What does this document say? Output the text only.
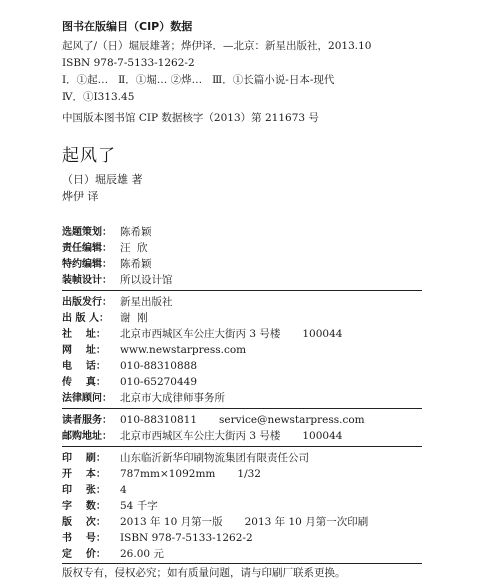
图书在版编目（CIP）数据
起风了/（日）堀辰雄著；烨伊译．—北京：新星出版社，2013.10
ISBN 978-7-5133-1262-2
Ⅰ．①起…   Ⅱ．①堀… ②烨…   Ⅲ．①长篇小说-日本-现代
Ⅳ．①I313.45
中国版本图书馆 CIP 数据核字（2013）第 211673 号
起风了
（日）堀辰雄 著
烨伊 译
选题策划： 陈希颖
责任编辑： 汪  欣
特约编辑： 陈希颖
装帧设计： 所以设计馆
出版发行： 新星出版社
出 版 人： 谢  刚
社    址： 北京市西城区车公庄大街丙 3 号楼 100044
网    址： www.newstarpress.com
电    话： 010-88310888
传    真： 010-65270449
法律顾问： 北京市大成律师事务所
读者服务： 010-88310811 service@newstarpress.com
邮购地址： 北京市西城区车公庄大街丙 3 号楼 100044
印    刷： 山东临沂新华印刷物流集团有限责任公司
开    本： 787mm×1092mm 1/32
印    张： 4
字    数： 54 千字
版    次： 2013 年 10 月第一版 2013 年 10 月第一次印刷
书    号： ISBN 978-7-5133-1262-2
定    价： 26.00 元
版权专有，侵权必究；如有质量问题，请与印刷厂联系更换。
